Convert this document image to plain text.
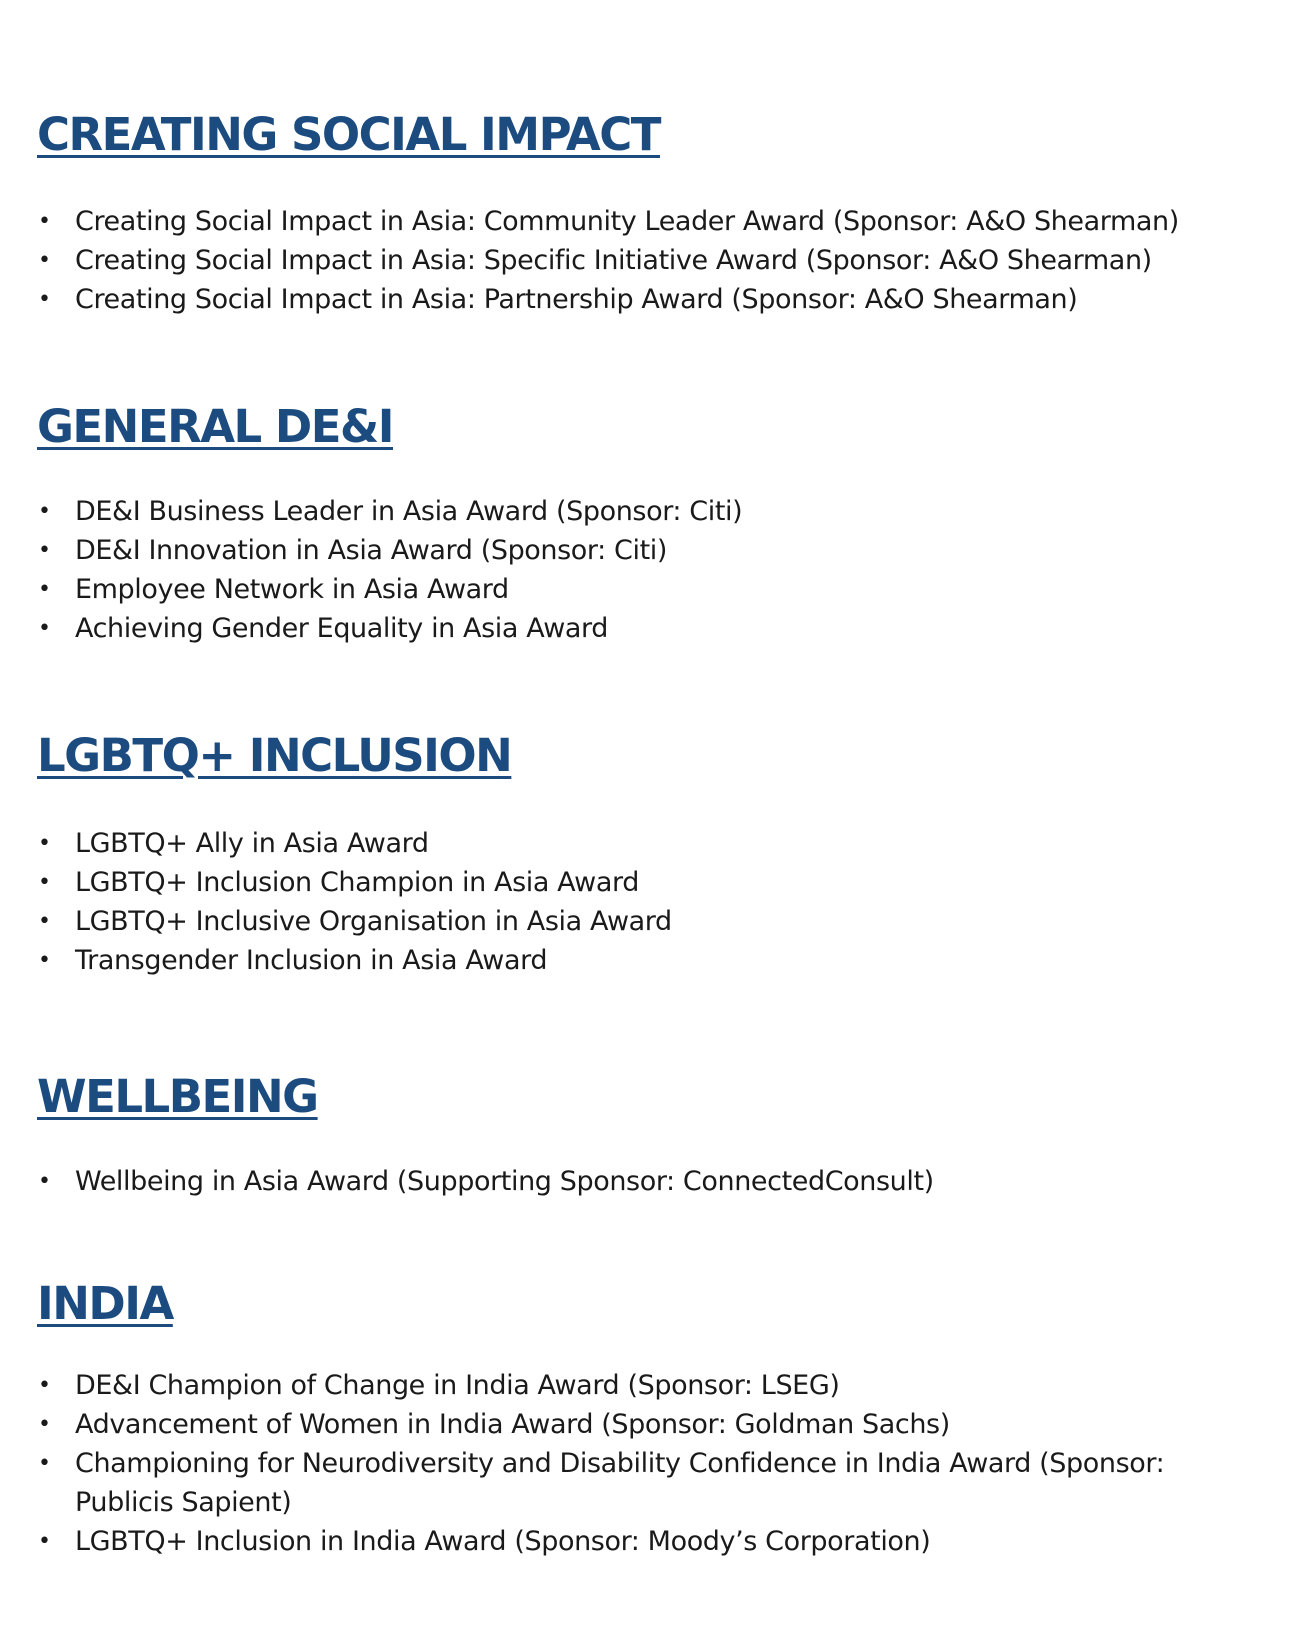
CREATING SOCIAL IMPACT
• Creating Social Impact in Asia: Community Leader Award (Sponsor: A&O Shearman)
• Creating Social Impact in Asia: Specific Initiative Award (Sponsor: A&O Shearman)
• Creating Social Impact in Asia: Partnership Award (Sponsor: A&O Shearman)
GENERAL DE&I
• DE&I Business Leader in Asia Award (Sponsor: Citi)
• DE&I Innovation in Asia Award (Sponsor: Citi)
• Employee Network in Asia Award
• Achieving Gender Equality in Asia Award
LGBTQ+ INCLUSION
• LGBTQ+ Ally in Asia Award
• LGBTQ+ Inclusion Champion in Asia Award
• LGBTQ+ Inclusive Organisation in Asia Award
• Transgender Inclusion in Asia Award
WELLBEING
• Wellbeing in Asia Award (Supporting Sponsor: ConnectedConsult)
INDIA
• DE&I Champion of Change in India Award (Sponsor: LSEG)
• Advancement of Women in India Award (Sponsor: Goldman Sachs)
• Championing for Neurodiversity and Disability Confidence in India Award (Sponsor: Publicis Sapient)
• LGBTQ+ Inclusion in India Award (Sponsor: Moody’s Corporation)
